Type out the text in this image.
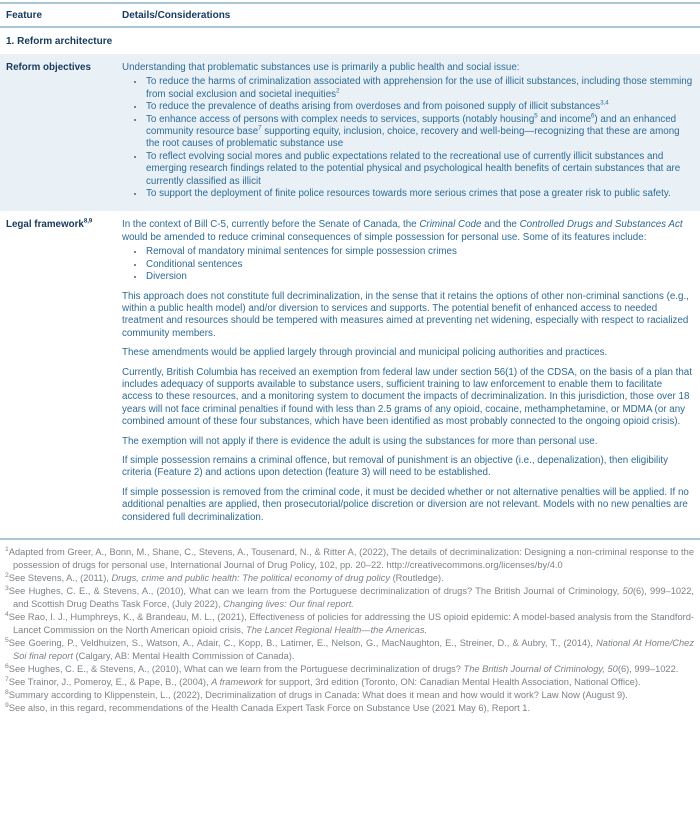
Feature	Details/Considerations
1. Reform architecture
Reform objectives	Understanding that problematic substances use is primarily a public health and social issue:

• To reduce the harms of criminalization associated with apprehension for the use of illicit substances, including those stemming from social exclusion and societal inequities$^2$
• To reduce the prevalence of deaths arising from overdoses and from poisoned supply of illicit substances$^{3,4}$
• To enhance access of persons with complex needs to services, supports (notably housing$^5$ and income$^6$) and an enhanced community resource base$^7$ supporting equity, inclusion, choice, recovery and well-being—recognizing that these are among the root causes of problematic substance use
• To reflect evolving social mores and public expectations related to the recreational use of currently illicit substances and emerging research findings related to the potential physical and psychological health benefits of certain substances that are currently classified as illicit
• To support the deployment of finite police resources towards more serious crimes that pose a greater risk to public safety.
Legal framework$^{8,9}$	In the context of Bill C-5, currently before the Senate of Canada, the Criminal Code and the Controlled Drugs and Substances Act would be amended to reduce criminal consequences of simple possession for personal use. Some of its features include:

• Removal of mandatory minimal sentences for simple possession crimes
• Conditional sentences
• Diversion

This approach does not constitute full decriminalization, in the sense that it retains the options of other non-criminal sanctions (e.g., within a public health model) and/or diversion to services and supports. The potential benefit of enhanced access to needed treatment and resources should be tempered with measures aimed at preventing net widening, especially with respect to racialized community members.

These amendments would be applied largely through provincial and municipal policing authorities and practices.

Currently, British Columbia has received an exemption from federal law under section 56(1) of the CDSA, on the basis of a plan that includes adequacy of supports available to substance users, sufficient training to law enforcement to enable them to facilitate access to these resources, and a monitoring system to document the impacts of decriminalization. In this jurisdiction, those over 18 years will not face criminal penalties if found with less than 2.5 grams of any opioid, cocaine, methamphetamine, or MDMA (or any combined amount of these four substances, which have been identified as most probably connected to the ongoing opioid crisis).

The exemption will not apply if there is evidence the adult is using the substances for more than personal use.

If simple possession remains a criminal offence, but removal of punishment is an objective (i.e., depenalization), then eligibility criteria (Feature 2) and actions upon detection (feature 3) will need to be established.

If simple possession is removed from the criminal code, it must be decided whether or not alternative penalties will be applied. If no additional penalties are applied, then prosecutorial/police discretion or diversion are not relevant. Models with no new penalties are considered full decriminalization.

$^1$Adapted from Greer, A., Bonn, M., Shane, C., Stevens, A., Tousenard, N., & Ritter A, (2022), The details of decriminalization: Designing a non-criminal response to the possession of drugs for personal use, International Journal of Drug Policy, 102, pp. 20–22. http://creativecommons.org/licenses/by/4.0

$^2$See Stevens, A., (2011), Drugs, crime and public health: The political economy of drug policy (Routledge).

$^3$See Hughes, C. E., & Stevens, A., (2010), What can we learn from the Portuguese decriminalization of drugs? The British Journal of Criminology, 50(6), 999–1022, and Scottish Drug Deaths Task Force, (July 2022), Changing lives: Our final report.

$^4$See Rao, I. J., Humphreys, K., & Brandeau, M. L., (2021), Effectiveness of policies for addressing the US opioid epidemic: A model-based analysis from the Standford-Lancet Commission on the North American opioid crisis, The Lancet Regional Health—the Americas.

$^5$See Goering, P., Veldhuizen, S., Watson, A., Adair, C., Kopp, B., Latimer, E., Nelson, G., MacNaughton, E., Streiner, D., & Aubry, T., (2014), National At Home/Chez Soi final report (Calgary, AB: Mental Health Commission of Canada).

$^6$See Hughes, C. E., & Stevens, A., (2010), What can we learn from the Portuguese decriminalization of drugs? The British Journal of Criminology, 50(6), 999–1022.

$^7$See Trainor, J., Pomeroy, E., & Pape, B., (2004), A framework for support, 3rd edition (Toronto, ON: Canadian Mental Health Association, National Office).

$^8$Summary according to Klippenstein, L., (2022), Decriminalization of drugs in Canada: What does it mean and how would it work? Law Now (August 9).

$^9$See also, in this regard, recommendations of the Health Canada Expert Task Force on Substance Use (2021 May 6), Report 1.
